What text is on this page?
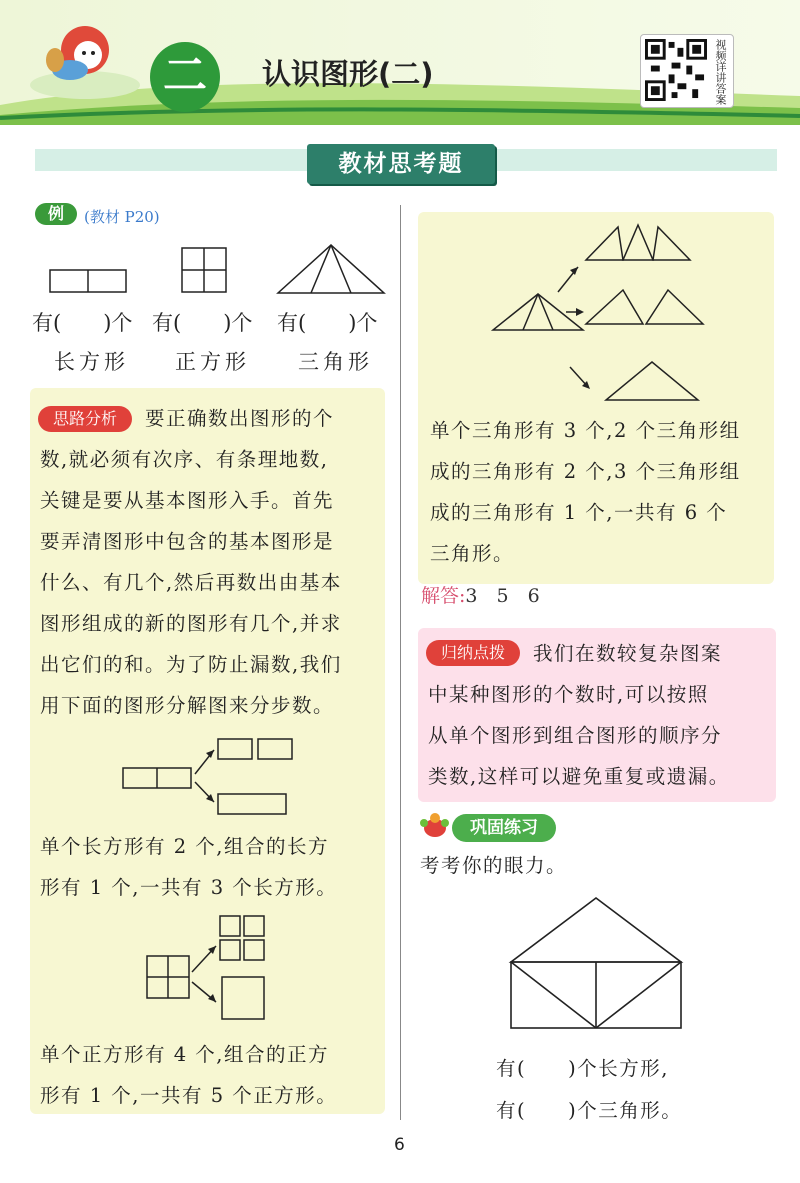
二	认识图形(二)	视频详讲答案
教材思考题
例	(教材 P20)
有(　　)个 有(　　)个 有(　　)个
长方形 正方形 三角形
思路分析	要正确数出图形的个
数,就必须有次序、有条理地数,
关键是要从基本图形入手。首先
要弄清图形中包含的基本图形是
什么、有几个,然后再数出由基本
图形组成的新的图形有几个,并求
出它们的和。为了防止漏数,我们
用下面的图形分解图来分步数。
单个长方形有 2 个,组合的长方
形有 1 个,一共有 3 个长方形。
单个正方形有 4 个,组合的正方
形有 1 个,一共有 5 个正方形。
单个三角形有 3 个,2 个三角形组
成的三角形有 2 个,3 个三角形组
成的三角形有 1 个,一共有 6 个
三角形。
解答:3　5　6
归纳点拨	我们在数较复杂图案
中某种图形的个数时,可以按照
从单个图形到组合图形的顺序分
类数,这样可以避免重复或遗漏。
巩固练习
考考你的眼力。
有(　　)个长方形,
有(　　)个三角形。
6
